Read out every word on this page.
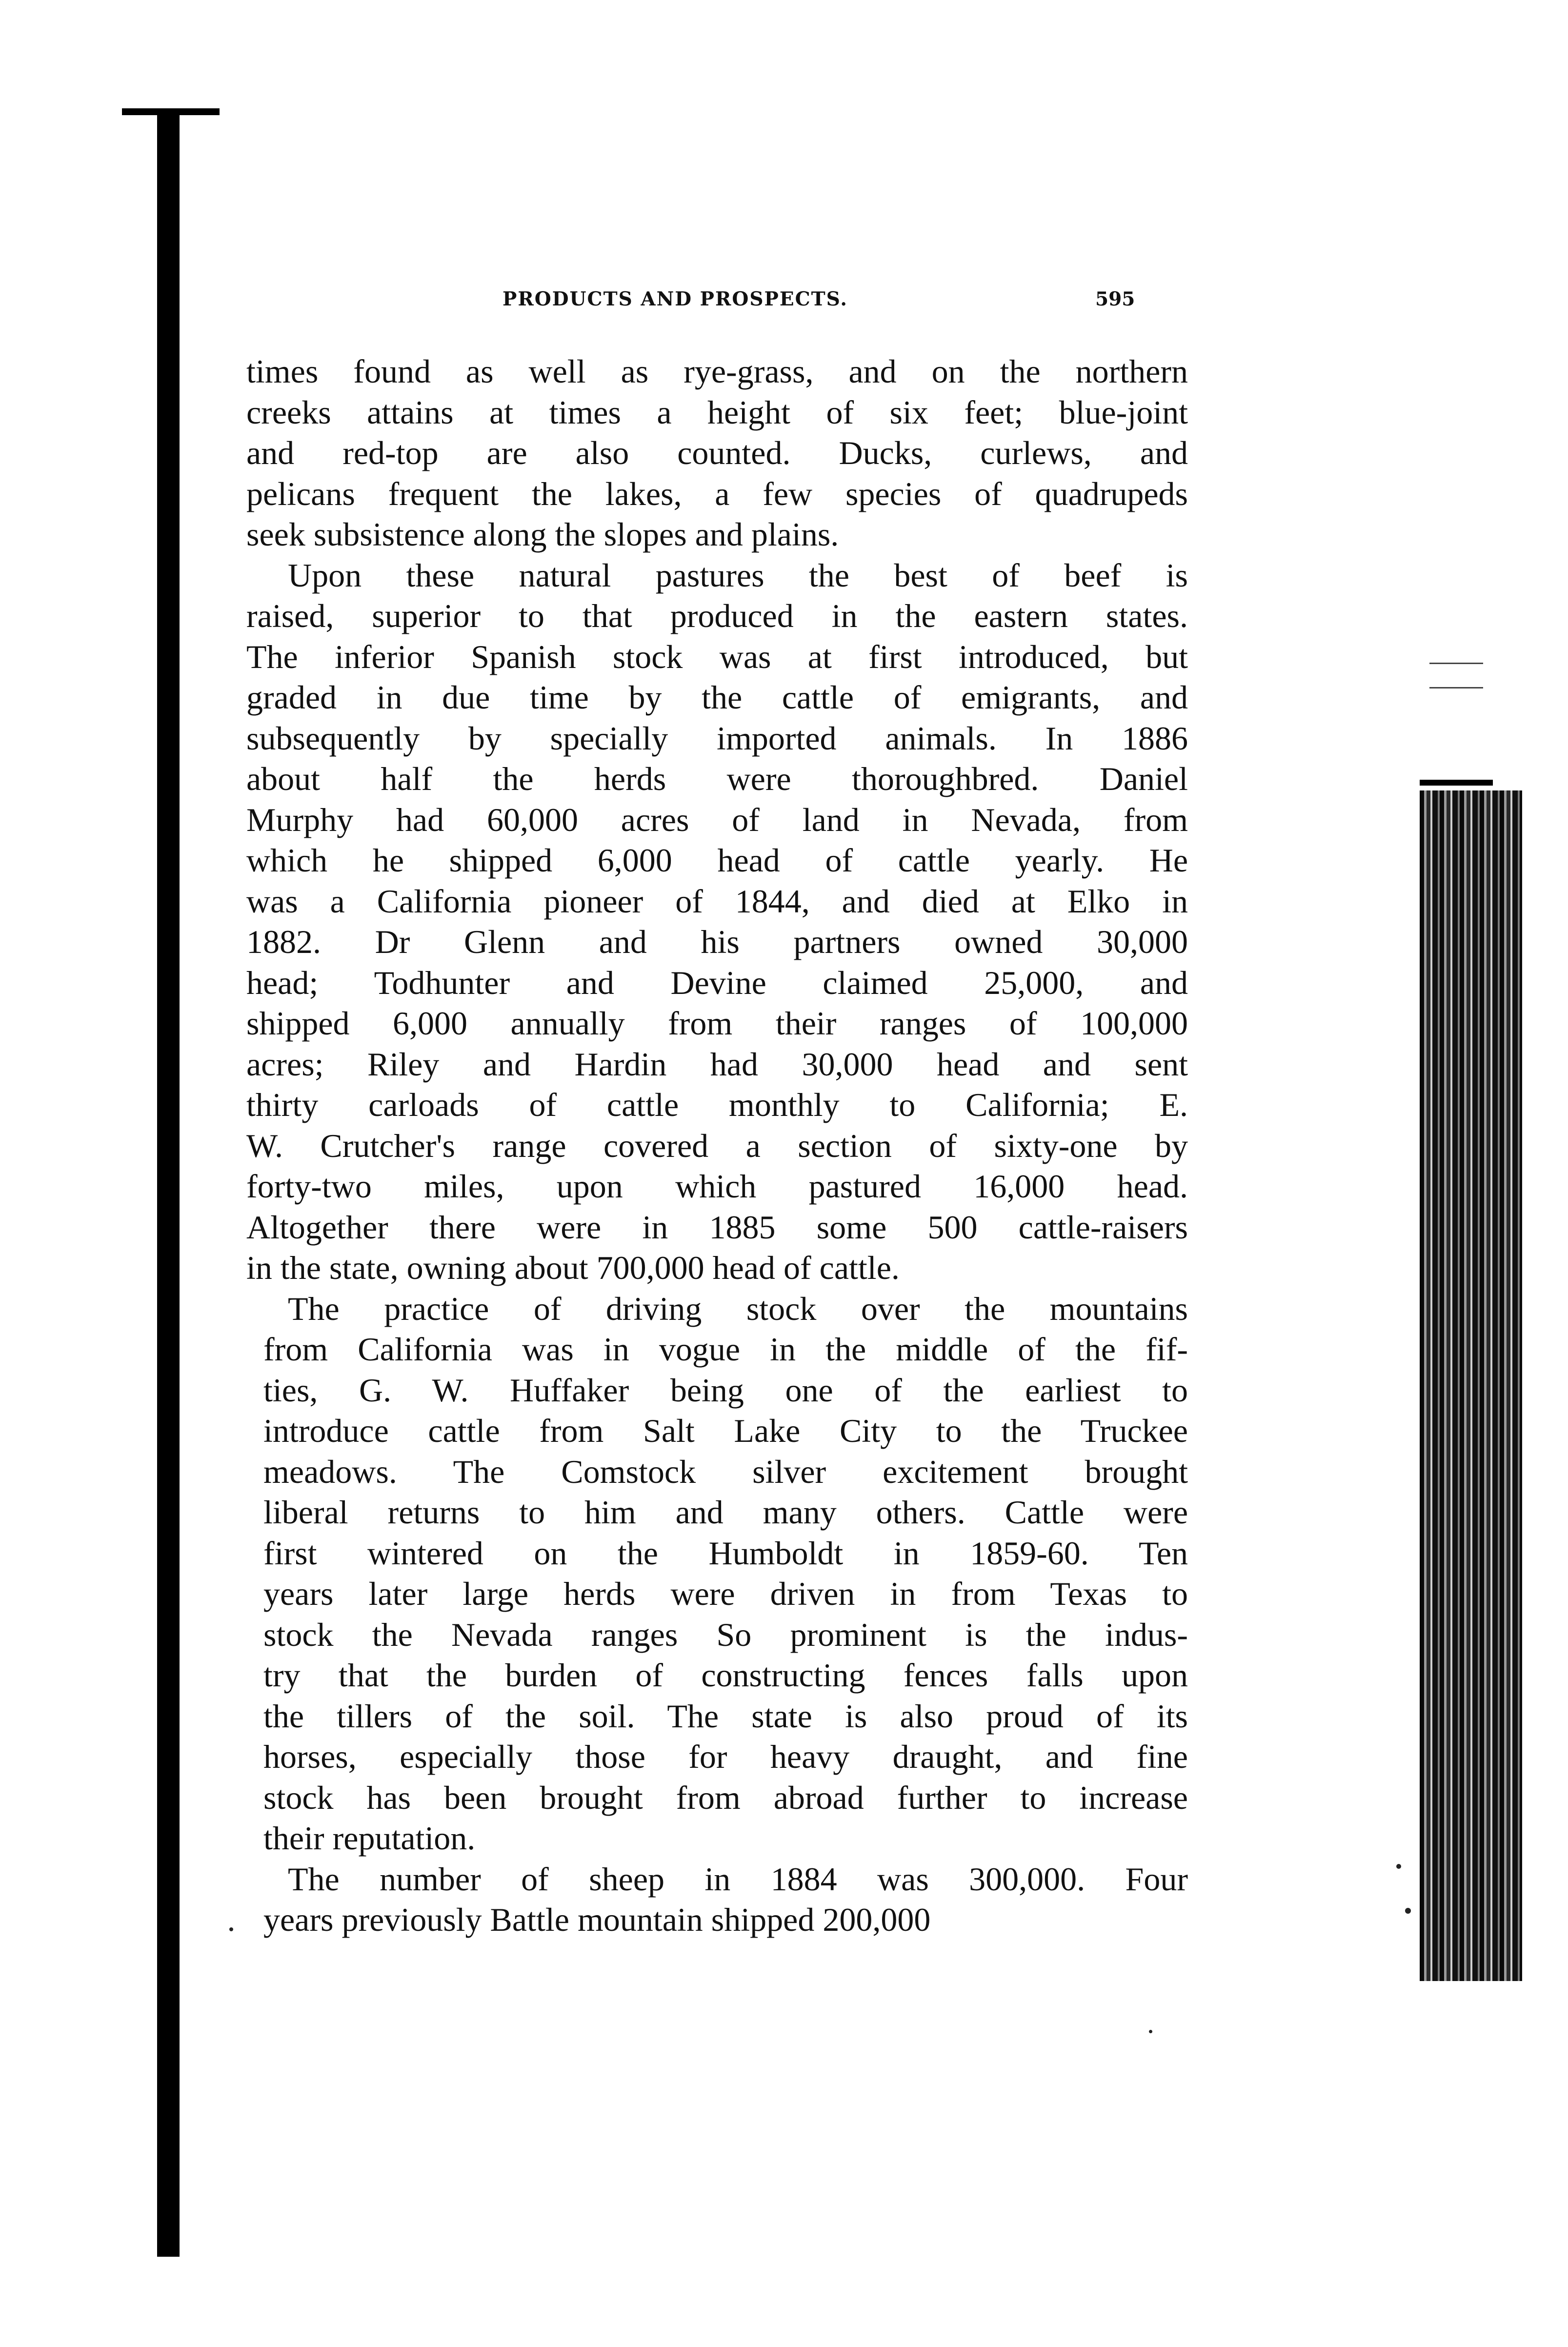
PRODUCTS AND PROSPECTS.	595
times found as well as rye-grass, and on the northern
creeks attains at times a height of six feet; blue-joint
and red-top are also counted. Ducks, curlews, and
pelicans frequent the lakes, a few species of quadrupeds
seek subsistence along the slopes and plains.
Upon these natural pastures the best of beef is
raised, superior to that produced in the eastern states.
The inferior Spanish stock was at first introduced, but
graded in due time by the cattle of emigrants, and
subsequently by specially imported animals. In 1886
about half the herds were thoroughbred. Daniel
Murphy had 60,000 acres of land in Nevada, from
which he shipped 6,000 head of cattle yearly. He
was a California pioneer of 1844, and died at Elko in
1882. Dr Glenn and his partners owned 30,000
head; Todhunter and Devine claimed 25,000, and
shipped 6,000 annually from their ranges of 100,000
acres; Riley and Hardin had 30,000 head and sent
thirty carloads of cattle monthly to California; E.
W. Crutcher's range covered a section of sixty-one by
forty-two miles, upon which pastured 16,000 head.
Altogether there were in 1885 some 500 cattle-raisers
in the state, owning about 700,000 head of cattle.
The practice of driving stock over the mountains
from California was in vogue in the middle of the fif-
ties, G. W. Huffaker being one of the earliest to
introduce cattle from Salt Lake City to the Truckee
meadows. The Comstock silver excitement brought
liberal returns to him and many others. Cattle were
first wintered on the Humboldt in 1859-60. Ten
years later large herds were driven in from Texas to
stock the Nevada ranges So prominent is the indus-
try that the burden of constructing fences falls upon
the tillers of the soil. The state is also proud of its
horses, especially those for heavy draught, and fine
stock has been brought from abroad further to increase
their reputation.
The number of sheep in 1884 was 300,000. Four
years previously Battle mountain shipped 200,000
